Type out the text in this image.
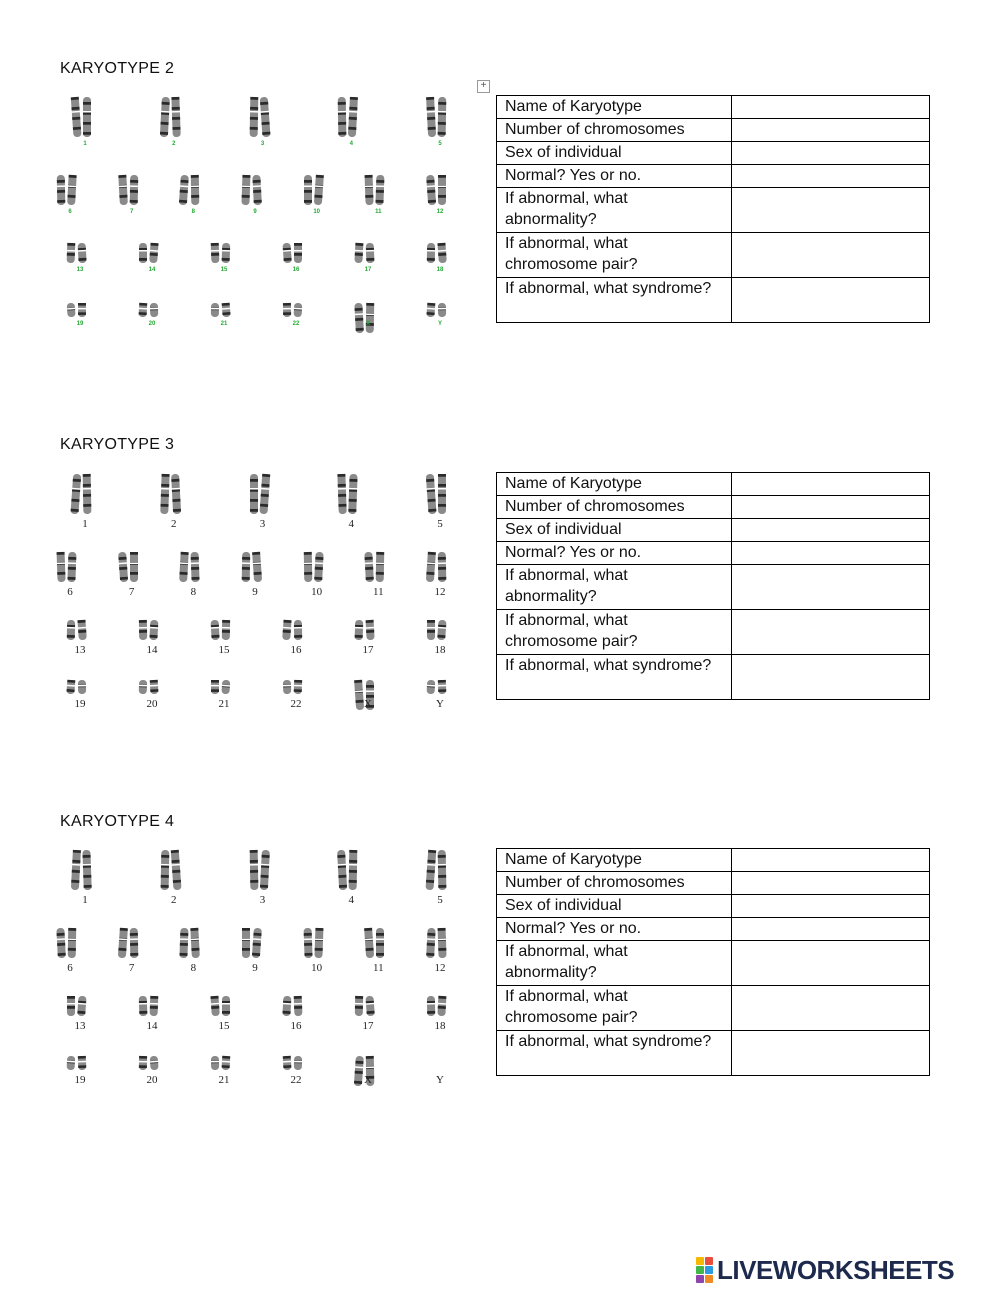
+
KARYOTYPE 2
1	2	3	4	5
6	7	8	9	10	11	12
13	14	15	16	17	18
19	20	21	22	X	Y
Name of Karyotype	
Number of chromosomes	
Sex of individual	
Normal? Yes or no.	
If abnormal, what abnormality?	
If abnormal, what chromosome pair?	
If abnormal, what syndrome?	
KARYOTYPE 3
1	2	3	4	5
6	7	8	9	10	11	12
13	14	15	16	17	18
19	20	21	22	X	Y
Name of Karyotype	
Number of chromosomes	
Sex of individual	
Normal? Yes or no.	
If abnormal, what abnormality?	
If abnormal, what chromosome pair?	
If abnormal, what syndrome?	
KARYOTYPE 4
1	2	3	4	5
6	7	8	9	10	11	12
13	14	15	16	17	18
19	20	21	22	X	Y
Name of Karyotype	
Number of chromosomes	
Sex of individual	
Normal? Yes or no.	
If abnormal, what abnormality?	
If abnormal, what chromosome pair?	
If abnormal, what syndrome?	
LIVEWORKSHEETS
